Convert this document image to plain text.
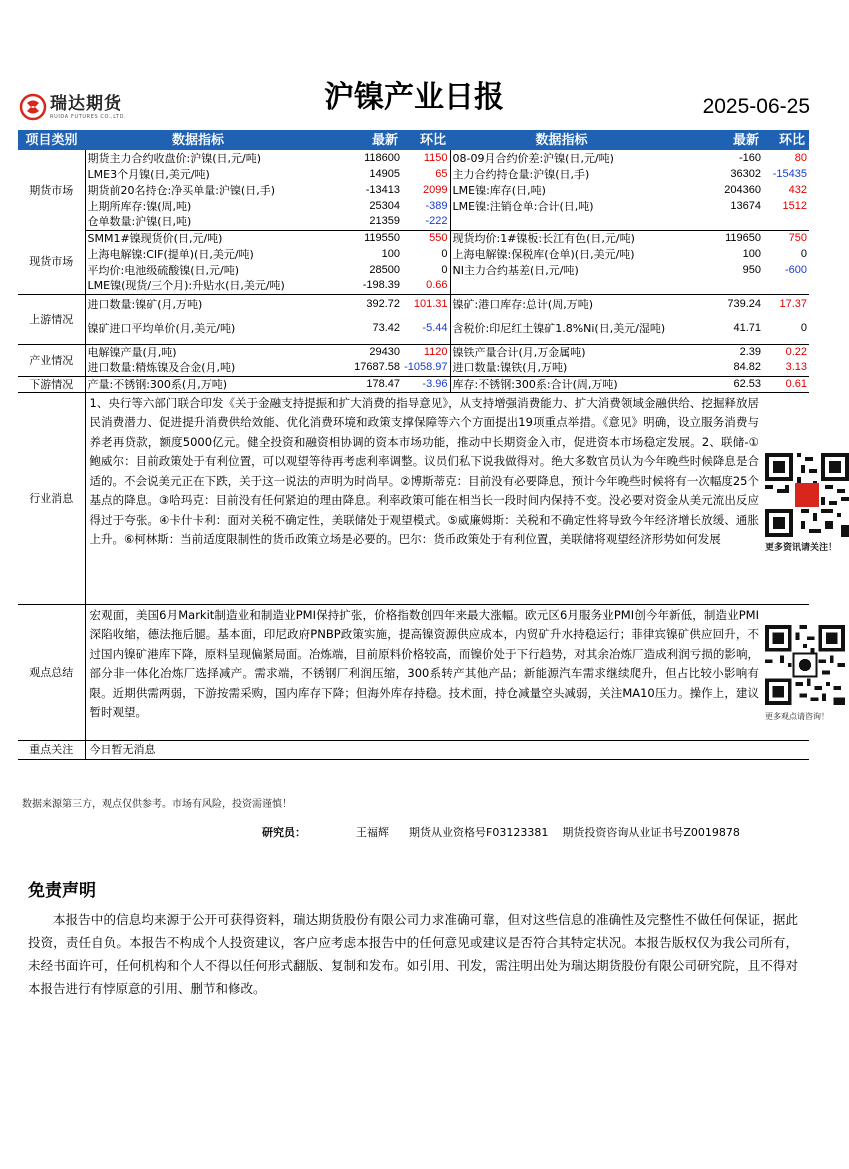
瑞达期货
RUIDA FUTURES CO.,LTD.
沪镍产业日报	2025-06-25
项目类别	数据指标	最新	环比	数据指标	最新	环比
期货市场	期货主力合约收盘价:沪镍(日,元/吨)	118600	1150	08-09月合约价差:沪镍(日,元/吨)	-160	80
	LME3个月镍(日,美元/吨)	14905	65	主力合约持仓量:沪镍(日,手)	36302	-15435
	期货前20名持仓:净买单量:沪镍(日,手)	-13413	2099	LME镍:库存(日,吨)	204360	432
	上期所库存:镍(周,吨)	25304	-389	LME镍:注销仓单:合计(日,吨)	13674	1512
	仓单数量:沪镍(日,吨)	21359	-222			
现货市场	SMM1#镍现货价(日,元/吨)	119550	550	现货均价:1#镍板:长江有色(日,元/吨)	119650	750
	上海电解镍:CIF(提单)(日,美元/吨)	100	0	上海电解镍:保税库(仓单)(日,美元/吨)	100	0
	平均价:电池级硫酸镍(日,元/吨)	28500	0	NI主力合约基差(日,元/吨)	950	-600
	LME镍(现货/三个月):升贴水(日,美元/吨)	-198.39	0.66			
上游情况	进口数量:镍矿(月,万吨)	392.72	101.31	镍矿:港口库存:总计(周,万吨)	739.24	17.37
	镍矿进口平均单价(月,美元/吨)	73.42	-5.44	含税价:印尼红土镍矿1.8%Ni(日,美元/湿吨)	41.71	0
产业情况	电解镍产量(月,吨)	29430	1120	镍铁产量合计(月,万金属吨)	2.39	0.22
	进口数量:精炼镍及合金(月,吨)	17687.58	-1058.97	进口数量:镍铁(月,万吨)	84.82	3.13
下游情况	产量:不锈钢:300系(月,万吨)	178.47	-3.96	库存:不锈钢:300系:合计(周,万吨)	62.53	0.61
行业消息	1、央行等六部门联合印发《关于金融支持提振和扩大消费的指导意见》，从支持增强消费能力、扩大消费领域金融供给、挖掘释放居民消费潜力、促进提升消费供给效能、优化消费环境和政策支撑保障等六个方面提出19项重点举措。《意见》明确，设立服务消费与养老再贷款，额度5000亿元。健全投资和融资相协调的资本市场功能，推动中长期资金入市，促进资本市场稳定发展。2、联储-①鲍威尔：目前政策处于有利位置，可以观望等待再考虑利率调整。议员们私下说我做得对。绝大多数官员认为今年晚些时候降息是合适的。不会说美元正在下跌，关于这一说法的声明为时尚早。②博斯蒂克：目前没有必要降息，预计今年晚些时候将有一次幅度25个基点的降息。③哈玛克：目前没有任何紧迫的理由降息。利率政策可能在相当长一段时间内保持不变。没必要对资金从美元流出反应得过于夸张。④卡什卡利：面对关税不确定性，美联储处于观望模式。⑤威廉姆斯：关税和不确定性将导致今年经济增长放缓、通胀上升。⑥柯林斯：当前适度限制性的货币政策立场是必要的。巴尔：货币政策处于有利位置，美联储将观望经济形势如何发展					更多资讯请关注！

观点总结	宏观面，美国6月Markit制造业和制造业PMI保持扩张，价格指数创四年来最大涨幅。欧元区6月服务业PMI创今年新低，制造业PMI深陷收缩，德法拖后腿。基本面，印尼政府PNBP政策实施，提高镍资源供应成本，内贸矿升水持稳运行；菲律宾镍矿供应回升，不过国内镍矿港库下降，原料呈现偏紧局面。冶炼端，目前原料价格较高，而镍价处于下行趋势，对其余冶炼厂造成利润亏损的影响，部分非一体化冶炼厂选择减产。需求端，不锈钢厂利润压缩，300系转产其他产品；新能源汽车需求继续爬升，但占比较小影响有限。近期供需两弱，下游按需采购，国内库存下降；但海外库存持稳。技术面，持仓减量空头减弱，关注MA10压力。操作上，建议暂时观望。					更多观点请咨询！

重点关注	今日暂无消息					
数据来源第三方，观点仅供参考。市场有风险，投资需谨慎！
研究员：	王福辉 期货从业资格号F03123381 期货投资咨询从业证书号Z0019878
免责声明
本报告中的信息均来源于公开可获得资料，瑞达期货股份有限公司力求准确可靠，但对这些信息的准确性及完整性不做任何保证，据此投资，责任自负。本报告不构成个人投资建议，客户应考虑本报告中的任何意见或建议是否符合其特定状况。本报告版权仅为我公司所有，未经书面许可，任何机构和个人不得以任何形式翻版、复制和发布。如引用、刊发，需注明出处为瑞达期货股份有限公司研究院，且不得对本报告进行有悖原意的引用、删节和修改。
